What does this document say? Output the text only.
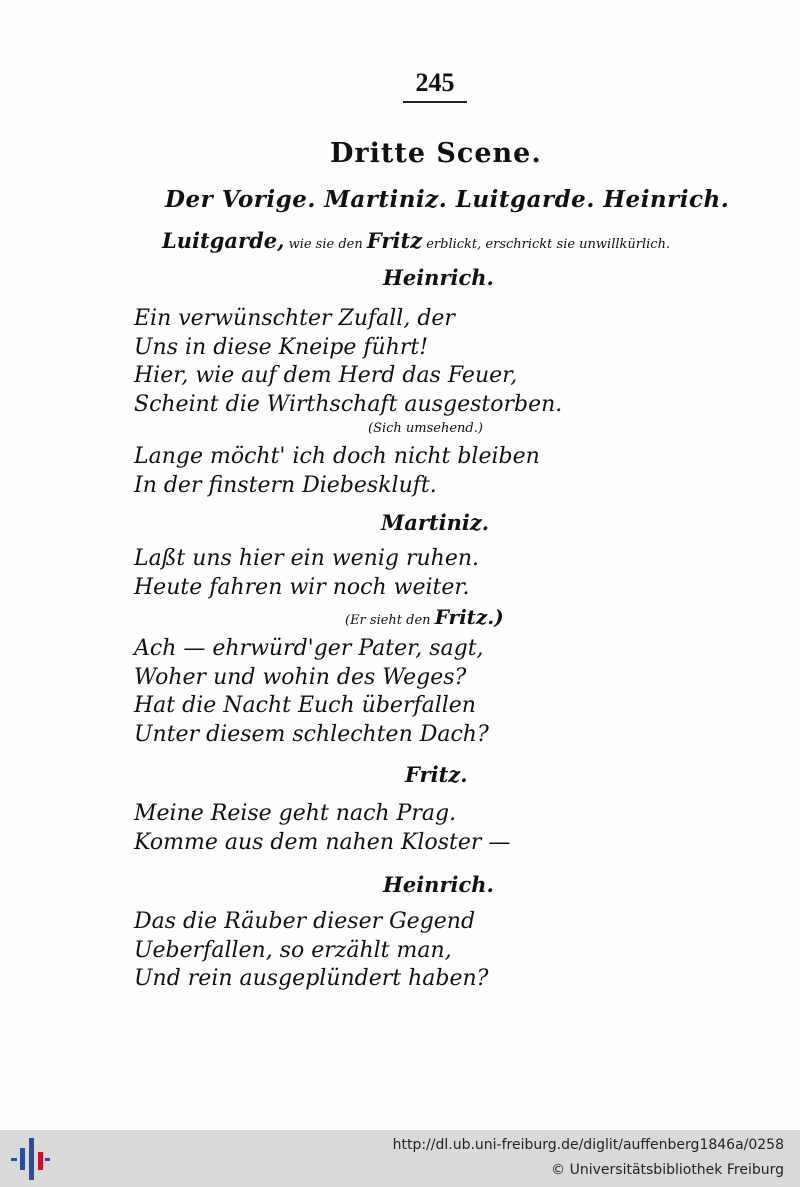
245
Dritte Scene.
Der Vorige. Martiniz. Luitgarde. Heinrich.
Luitgarde, wie sie den Fritz erblickt, erschrickt sie unwillkürlich.
Heinrich.
Ein verwünschter Zufall, der
Uns in diese Kneipe führt!
Hier, wie auf dem Herd das Feuer,
Scheint die Wirthschaft ausgestorben.
(Sich umsehend.)
Lange möcht' ich doch nicht bleiben
In der finstern Diebeskluft.
Martiniz.
Laßt uns hier ein wenig ruhen.
Heute fahren wir noch weiter.
(Er sieht den Fritz.)
Ach — ehrwürd'ger Pater, sagt,
Woher und wohin des Weges?
Hat die Nacht Euch überfallen
Unter diesem schlechten Dach?
Fritz.
Meine Reise geht nach Prag.
Komme aus dem nahen Kloster —
Heinrich.
Das die Räuber dieser Gegend
Ueberfallen, so erzählt man,
Und rein ausgeplündert haben?
http://dl.ub.uni-freiburg.de/diglit/auffenberg1846a/0258
© Universitätsbibliothek Freiburg
